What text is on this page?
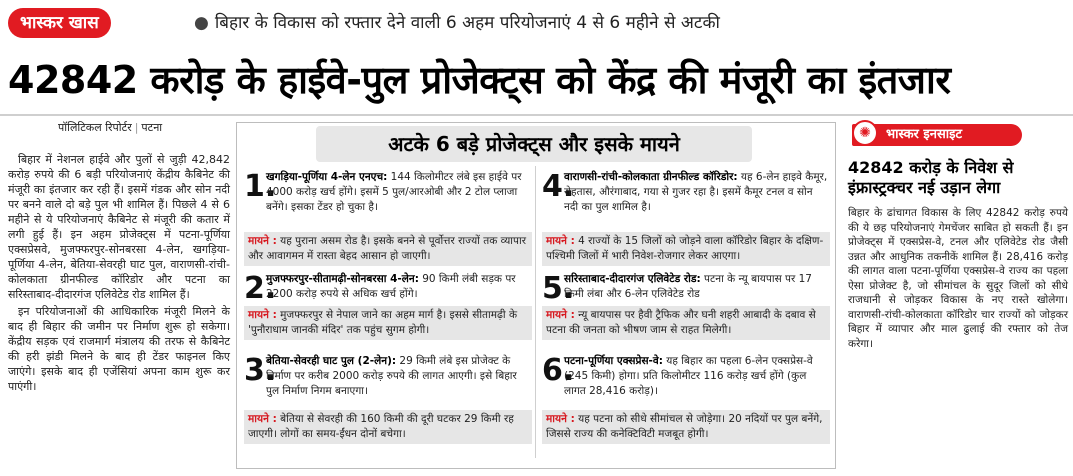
भास्कर खास	● बिहार के विकास को रफ्तार देने वाली 6 अहम परियोजनाएं 4 से 6 महीने से अटकी
42842 करोड़ के हाईवे-पुल प्रोजेक्ट्स को केंद्र की मंजूरी का इंतजार
पॉलिटिकल रिपोर्टर | पटना

बिहार में नेशनल हाईवे और पुलों से जुड़ी 42,842 करोड़ रुपये की 6 बड़ी परियोजनाएं केंद्रीय कैबिनेट की मंजूरी का इंतजार कर रही हैं। इसमें गंडक और सोन नदी पर बनने वाले दो बड़े पुल भी शामिल हैं। पिछले 4 से 6 महीने से ये परियोजनाएं कैबिनेट से मंजूरी की कतार में लगी हुई हैं। इन अहम प्रोजेक्ट्स में पटना-पूर्णिया एक्सप्रेसवे, मुजफ्फरपुर-सोनबरसा 4-लेन, खगड़िया-पूर्णिया 4-लेन, बेतिया-सेवरही घाट पुल, वाराणसी-रांची-कोलकाता ग्रीनफील्ड कॉरिडोर और पटना का सरिस्ताबाद-दीदारगंज एलिवेटेड रोड शामिल हैं।

इन परियोजनाओं की आधिकारिक मंजूरी मिलने के बाद ही बिहार की जमीन पर निर्माण शुरू हो सकेगा। केंद्रीय सड़क एवं राजमार्ग मंत्रालय की तरफ से कैबिनेट की हरी झंडी मिलने के बाद ही टेंडर फाइनल किए जाएंगे। इसके बाद ही एजेंसियां अपना काम शुरू कर पाएंगी।

अटके 6 बड़े प्रोजेक्ट्स और इसके मायने
1.
खगड़िया-पूर्णिया 4-लेन एनएच: 144 किलोमीटर लंबे इस हाईवे पर 4000 करोड़ खर्च होंगे। इसमें 5 पुल/आरओबी और 2 टोल प्लाजा बनेंगे। इसका टेंडर हो चुका है।
मायने : यह पुराना असम रोड है। इसके बनने से पूर्वोत्तर राज्यों तक व्यापार और आवागमन में रास्ता बेहद आसान हो जाएगी।
2.
मुजफ्फरपुर-सीतामढ़ी-सोनबरसा 4-लेन: 90 किमी लंबी सड़क पर 2200 करोड़ रुपये से अधिक खर्च होंगे।
मायने : मुजफ्फरपुर से नेपाल जाने का अहम मार्ग है। इससे सीतामढ़ी के 'पुनौराधाम जानकी मंदिर' तक पहुंच सुगम होगी।
3.
बेतिया-सेवरही घाट पुल (2-लेन): 29 किमी लंबे इस प्रोजेक्ट के निर्माण पर करीब 2000 करोड़ रुपये की लागत आएगी। इसे बिहार पुल निर्माण निगम बनाएगा।
मायने : बेतिया से सेवरही की 160 किमी की दूरी घटकर 29 किमी रह जाएगी। लोगों का समय-ईंधन दोनों बचेगा।
4.
वाराणसी-रांची-कोलकाता ग्रीनफील्ड कॉरिडोर: यह 6-लेन हाइवे कैमूर, रोहतास, औरंगाबाद, गया से गुजर रहा है। इसमें कैमूर टनल व सोन नदी का पुल शामिल है।
मायने : 4 राज्यों के 15 जिलों को जोड़ने वाला कॉरिडोर बिहार के दक्षिण-पश्चिमी जिलों में भारी निवेश-रोजगार लेकर आएगा।
5.
सरिस्ताबाद-दीदारगंज एलिवेटेड रोड: पटना के न्यू बायपास पर 17 किमी लंबा और 6-लेन एलिवेटेड रोड
मायने : न्यू बायपास पर हैवी ट्रैफिक और घनी शहरी आबादी के दबाव से पटना की जनता को भीषण जाम से राहत मिलेगी।
6.
पटना-पूर्णिया एक्सप्रेस-वे: यह बिहार का पहला 6-लेन एक्सप्रेस-वे (245 किमी) होगा। प्रति किलोमीटर 116 करोड़ खर्च होंगे (कुल लागत 28,416 करोड़)।
मायने : यह पटना को सीधे सीमांचल से जोड़ेगा। 20 नदियों पर पुल बनेंगे, जिससे राज्य की कनेक्टिविटी मजबूत होगी।
भास्कर इनसाइट
✺
42842 करोड़ के निवेश से इंफ्रास्ट्रक्चर नई उड़ान लेगा
बिहार के ढांचागत विकास के लिए 42842 करोड़ रुपये की ये छह परियोजनाएं गेमचेंजर साबित हो सकती हैं। इन प्रोजेक्ट्स में एक्सप्रेस-वे, टनल और एलिवेटेड रोड जैसी उन्नत और आधुनिक तकनीकें शामिल हैं। 28,416 करोड़ की लागत वाला पटना-पूर्णिया एक्सप्रेस-वे राज्य का पहला ऐसा प्रोजेक्ट है, जो सीमांचल के सुदूर जिलों को सीधे राजधानी से जोड़कर विकास के नए रास्ते खोलेगा। वाराणसी-रांची-कोलकाता कॉरिडोर चार राज्यों को जोड़कर बिहार में व्यापार और माल ढुलाई की रफ्तार को तेज करेगा।
